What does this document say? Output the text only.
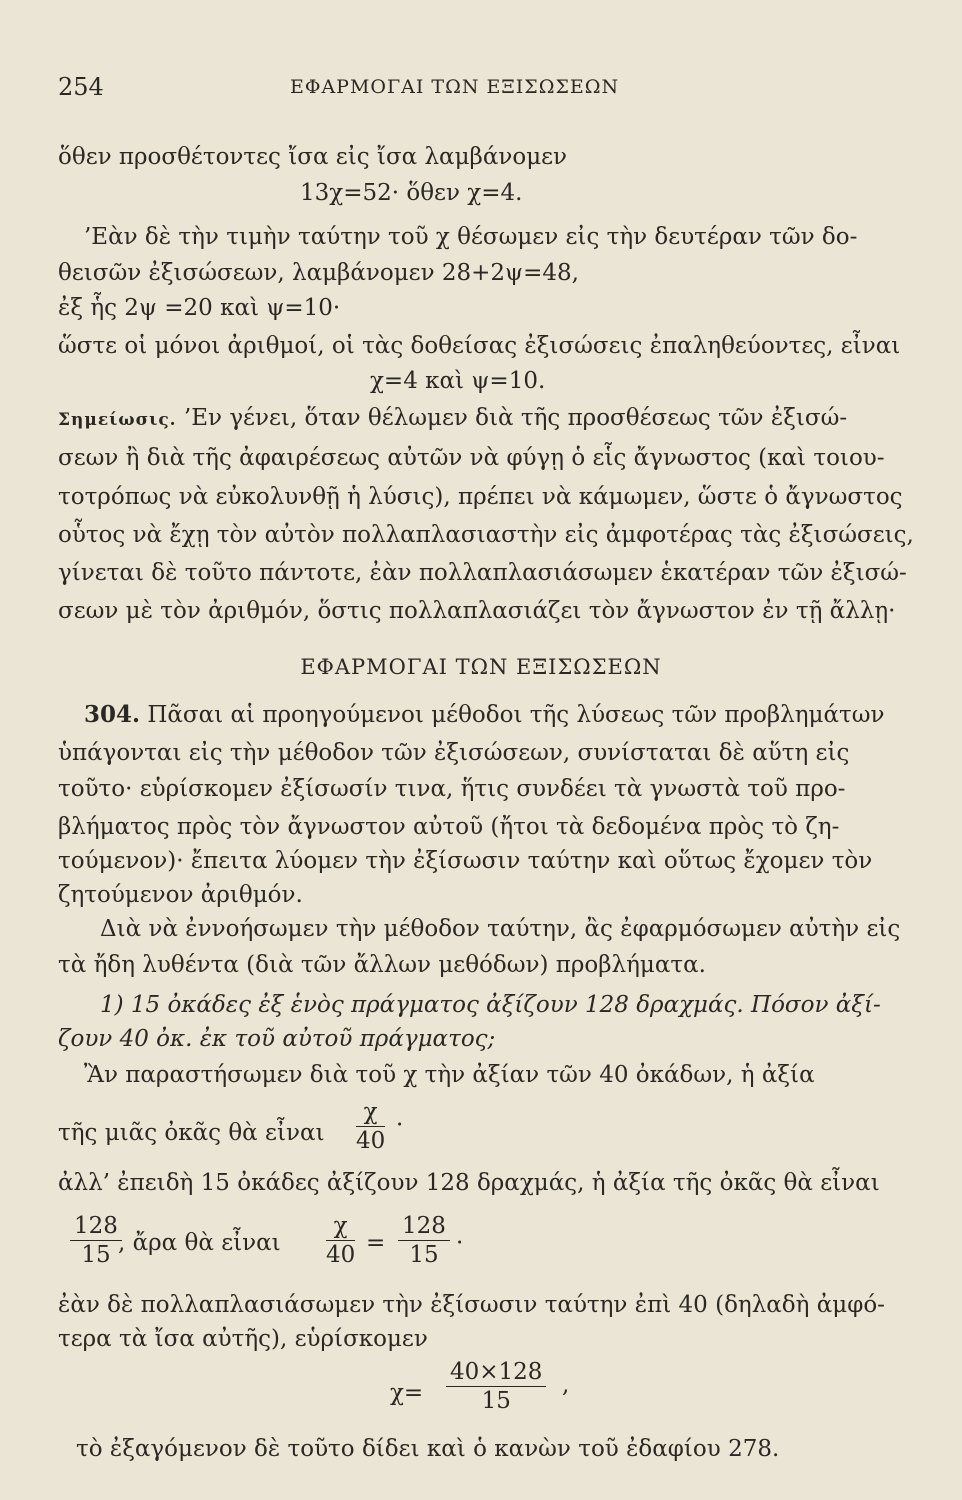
254	ΕΦΑΡΜΟΓΑΙ ΤΩΝ ΕΞΙΣΩΣΕΩΝ
ὅθεν προσθέτοντες ἴσα εἰς ἴσα λαμβάνομεν
13χ=52· ὅθεν χ=4.
’Εὰν δὲ τὴν τιμὴν ταύτην τοῦ χ θέσωμεν εἰς τὴν δευτέραν τῶν δο-
θεισῶν ἐξισώσεων, λαμβάνομεν 28+2ψ=48,
ἐξ ἧς 2ψ =20 καὶ ψ=10·
ὥστε οἱ μόνοι ἀριθμοί, οἱ τὰς δοθείσας ἐξισώσεις ἐπαληθεύοντες, εἶναι
χ=4 καὶ ψ=10.
Σημείωσις. ’Εν γένει, ὅταν θέλωμεν διὰ τῆς προσθέσεως τῶν ἐξισώ-
σεων ἢ διὰ τῆς ἀφαιρέσεως αὐτῶν νὰ φύγῃ ὁ εἷς ἄγνωστος (καὶ τοιου-
τοτρόπως νὰ εὐκολυνθῇ ἡ λύσις), πρέπει νὰ κάμωμεν, ὥστε ὁ ἄγνωστος
οὗτος νὰ ἔχῃ τὸν αὐτὸν πολλαπλασιαστὴν εἰς ἀμφοτέρας τὰς ἐξισώσεις,
γίνεται δὲ τοῦτο πάντοτε, ἐὰν πολλαπλασιάσωμεν ἑκατέραν τῶν ἐξισώ-
σεων μὲ τὸν ἀριθμόν, ὅστις πολλαπλασιάζει τὸν ἄγνωστον ἐν τῇ ἄλλῃ·
ΕΦΑΡΜΟΓΑΙ ΤΩΝ ΕΞΙΣΩΣΕΩΝ
304. Πᾶσαι αἱ προηγούμενοι μέθοδοι τῆς λύσεως τῶν προβλημάτων
ὑπάγονται εἰς τὴν μέθοδον τῶν ἐξισώσεων, συνίσταται δὲ αὕτη εἰς
τοῦτο· εὑρίσκομεν ἐξίσωσίν τινα, ἥτις συνδέει τὰ γνωστὰ τοῦ προ-
βλήματος πρὸς τὸν ἄγνωστον αὐτοῦ (ἤτοι τὰ δεδομένα πρὸς τὸ ζη-
τούμενον)· ἔπειτα λύομεν τὴν ἐξίσωσιν ταύτην καὶ οὕτως ἔχομεν τὸν
ζητούμενον ἀριθμόν.
Διὰ νὰ ἐννοήσωμεν τὴν μέθοδον ταύτην, ἂς ἐφαρμόσωμεν αὐτὴν εἰς
τὰ ἤδη λυθέντα (διὰ τῶν ἄλλων μεθόδων) προβλήματα.
1) 15 ὀκάδες ἐξ ἑνὸς πράγματος ἀξίζουν 128 δραχμάς. Πόσον ἀξί-
ζουν 40 ὀκ. ἐκ τοῦ αὐτοῦ πράγματος;
Ἂν παραστήσωμεν διὰ τοῦ χ τὴν ἀξίαν τῶν 40 ὀκάδων, ἡ ἀξία
τῆς μιᾶς ὀκᾶς θὰ εἶναι $\frac{\chi}{40}$ ·
ἀλλ’ ἐπειδὴ 15 ὀκάδες ἀξίζουν 128 δραχμάς, ἡ ἀξία τῆς ὀκᾶς θὰ εἶναι
$\frac{128}{15}$
, ἄρα θὰ εἶναι $\frac{\chi}{40} = \frac{128}{15}$ ·
ἐὰν δὲ πολλαπλασιάσωμεν τὴν ἐξίσωσιν ταύτην ἐπὶ 40 (δηλαδὴ ἀμφό-
τερα τὰ ἴσα αὐτῆς), εὑρίσκομεν
$\chi= \frac{40\times 128}{15}$ ,
τὸ ἐξαγόμενον δὲ τοῦτο δίδει καὶ ὁ κανὼν τοῦ ἐδαφίου 278.
